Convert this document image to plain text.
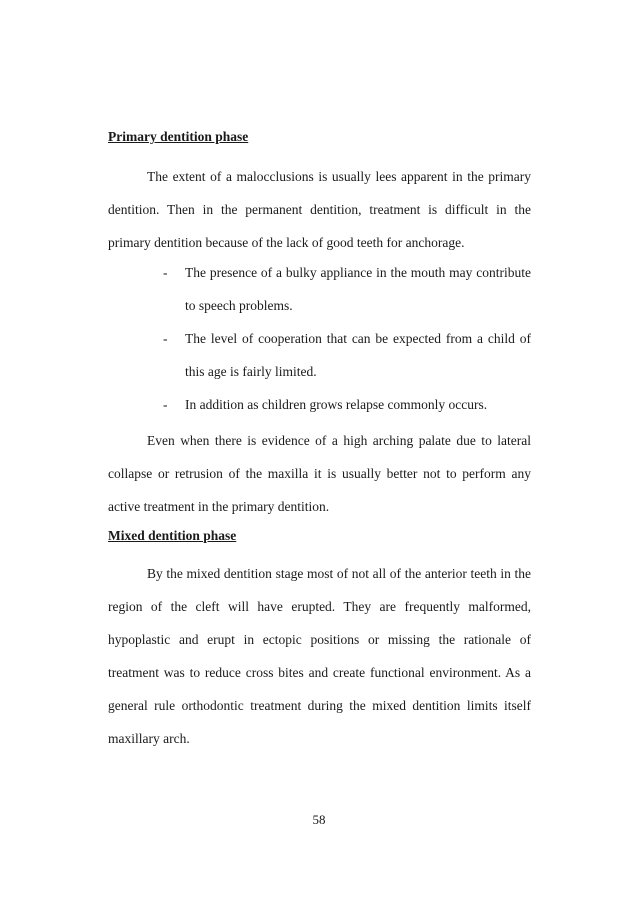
Primary dentition phase

The extent of a malocclusions is usually lees apparent in the primary dentition. Then in the permanent dentition, treatment is difficult in the primary dentition because of the lack of good teeth for anchorage.

- The presence of a bulky appliance in the mouth may contribute to speech problems.
- The level of cooperation that can be expected from a child of this age is fairly limited.
- In addition as children grows relapse commonly occurs.

Even when there is evidence of a high arching palate due to lateral collapse or retrusion of the maxilla it is usually better not to perform any active treatment in the primary dentition.

Mixed dentition phase

By the mixed dentition stage most of not all of the anterior teeth in the region of the cleft will have erupted. They are frequently malformed, hypoplastic and erupt in ectopic positions or missing the rationale of treatment was to reduce cross bites and create functional environment. As a general rule orthodontic treatment during the mixed dentition limits itself maxillary arch.

58
